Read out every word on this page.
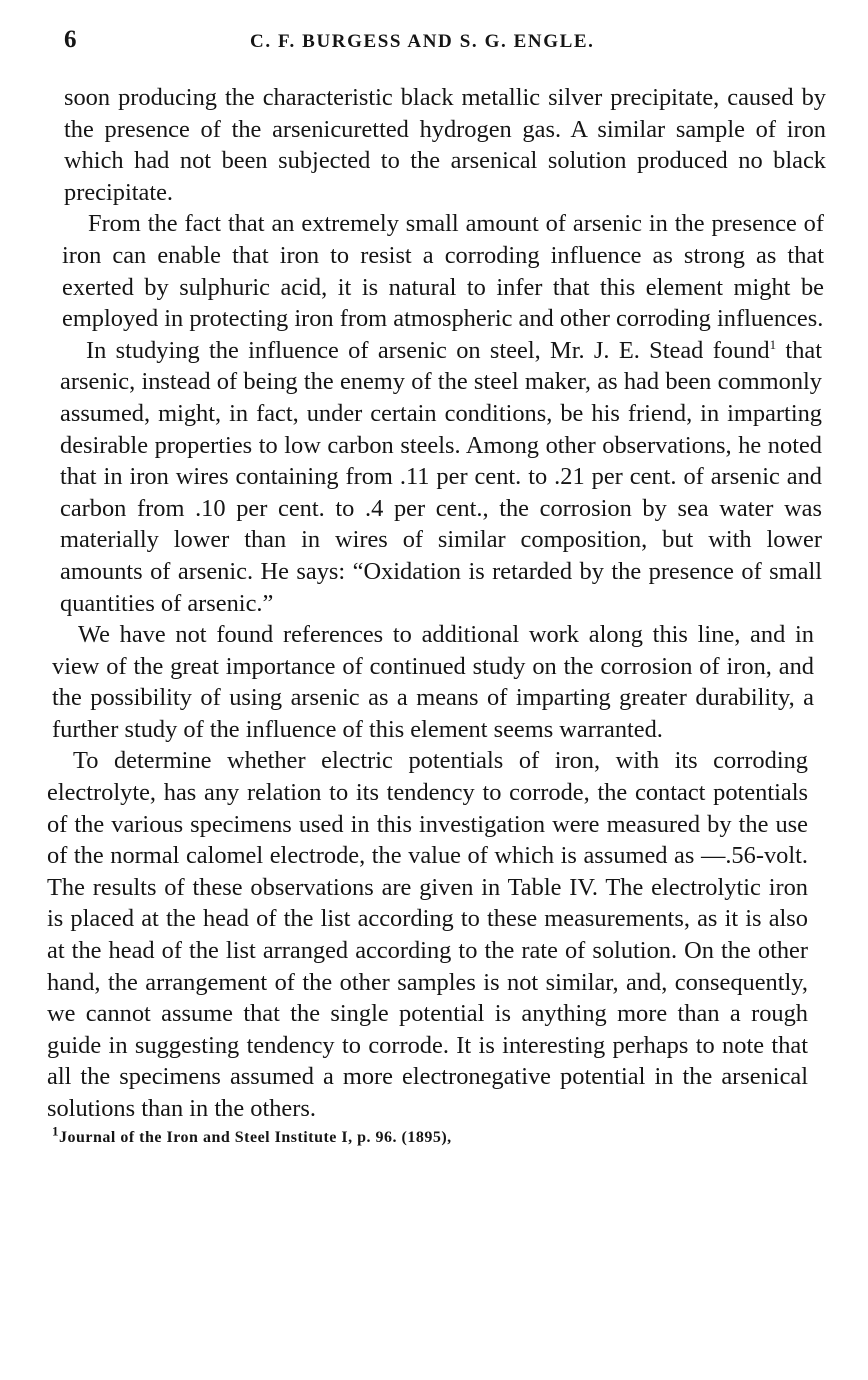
6	C. F. BURGESS AND S. G. ENGLE.

soon producing the characteristic black metallic silver precipitate, caused by the presence of the arsenicuretted hydrogen gas. A similar sample of iron which had not been subjected to the arsenical solution produced no black precipitate.

From the fact that an extremely small amount of arsenic in the presence of iron can enable that iron to resist a corroding influence as strong as that exerted by sulphuric acid, it is natural to infer that this element might be employed in protecting iron from atmospheric and other corroding influences.

In studying the influence of arsenic on steel, Mr. J. E. Stead found$^1$ that arsenic, instead of being the enemy of the steel maker, as had been commonly assumed, might, in fact, under certain conditions, be his friend, in imparting desirable properties to low carbon steels. Among other observations, he noted that in iron wires containing from .11 per cent. to .21 per cent. of arsenic and carbon from .10 per cent. to .4 per cent., the corrosion by sea water was materially lower than in wires of similar composition, but with lower amounts of arsenic. He says: “Oxidation is retarded by the presence of small quantities of arsenic.”

We have not found references to additional work along this line, and in view of the great importance of continued study on the corrosion of iron, and the possibility of using arsenic as a means of imparting greater durability, a further study of the influence of this element seems warranted.

To determine whether electric potentials of iron, with its corroding electrolyte, has any relation to its tendency to corrode, the contact potentials of the various specimens used in this investigation were measured by the use of the normal calomel electrode, the value of which is assumed as —.56-volt. The results of these observations are given in Table IV. The electrolytic iron is placed at the head of the list according to these measurements, as it is also at the head of the list arranged according to the rate of solution. On the other hand, the arrangement of the other samples is not similar, and, consequently, we cannot assume that the single potential is anything more than a rough guide in suggesting tendency to corrode. It is interesting perhaps to note that all the specimens assumed a more electronegative potential in the arsenical solutions than in the others.

$^1$Journal of the Iron and Steel Institute I, p. 96. (1895),
